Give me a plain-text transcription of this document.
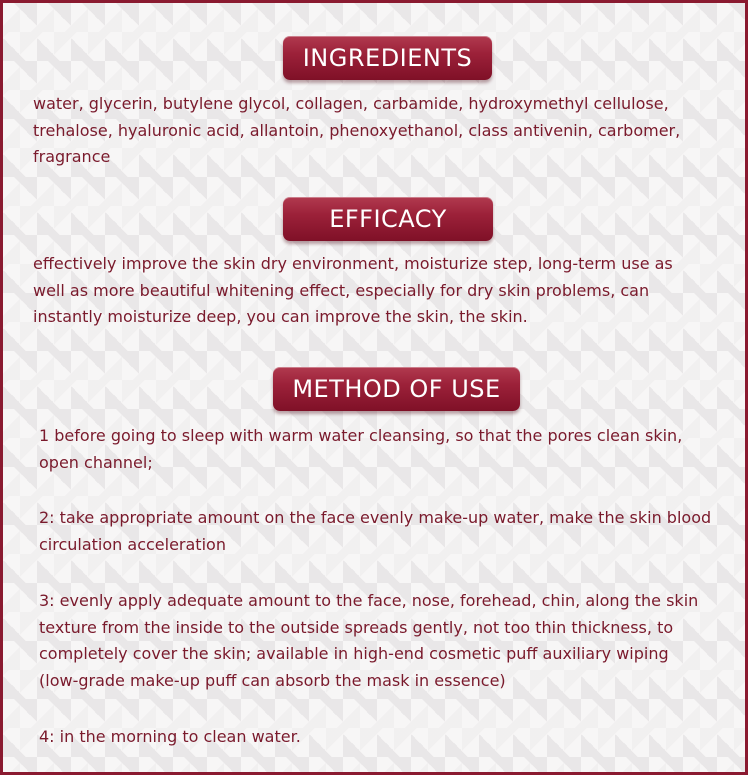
INGREDIENTS

water, glycerin, butylene glycol, collagen, carbamide, hydroxymethyl cellulose,
trehalose, hyaluronic acid, allantoin, phenoxyethanol, class antivenin, carbomer,
fragrance

EFFICACY

effectively improve the skin dry environment, moisturize step, long-term use as
well as more beautiful whitening effect, especially for dry skin problems, can
instantly moisturize deep, you can improve the skin, the skin.

METHOD OF USE

1 before going to sleep with warm water cleansing, so that the pores clean skin,
open channel;

2: take appropriate amount on the face evenly make-up water, make the skin blood
circulation acceleration

3: evenly apply adequate amount to the face, nose, forehead, chin, along the skin
texture from the inside to the outside spreads gently, not too thin thickness, to
completely cover the skin; available in high-end cosmetic puff auxiliary wiping
(low-grade make-up puff can absorb the mask in essence)

4: in the morning to clean water.
